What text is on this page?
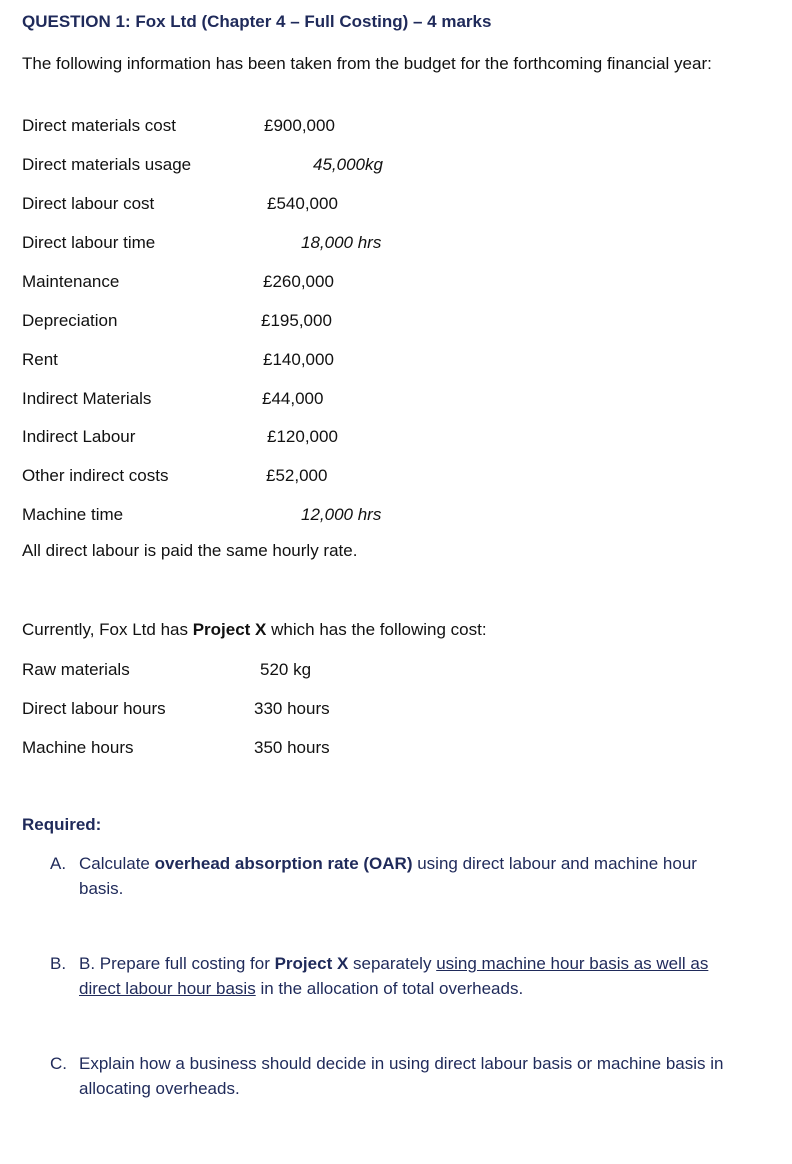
QUESTION 1: Fox Ltd (Chapter 4 – Full Costing) – 4 marks
The following information has been taken from the budget for the forthcoming financial year:
Direct materials cost	£900,000
Direct materials usage	45,000kg
Direct labour cost	£540,000
Direct labour time	18,000 hrs
Maintenance	£260,000
Depreciation	£195,000
Rent	£140,000
Indirect Materials	£44,000
Indirect Labour	£120,000
Other indirect costs	£52,000
Machine time	12,000 hrs
All direct labour is paid the same hourly rate.
Currently, Fox Ltd has Project X which has the following cost:
Raw materials	520 kg
Direct labour hours	330 hours
Machine hours	350 hours
Required:
A. Calculate overhead absorption rate (OAR) using direct labour and machine hour basis.
B. B. Prepare full costing for Project X separately using machine hour basis as well as direct labour hour basis in the allocation of total overheads.
C. Explain how a business should decide in using direct labour basis or machine basis in allocating overheads.
